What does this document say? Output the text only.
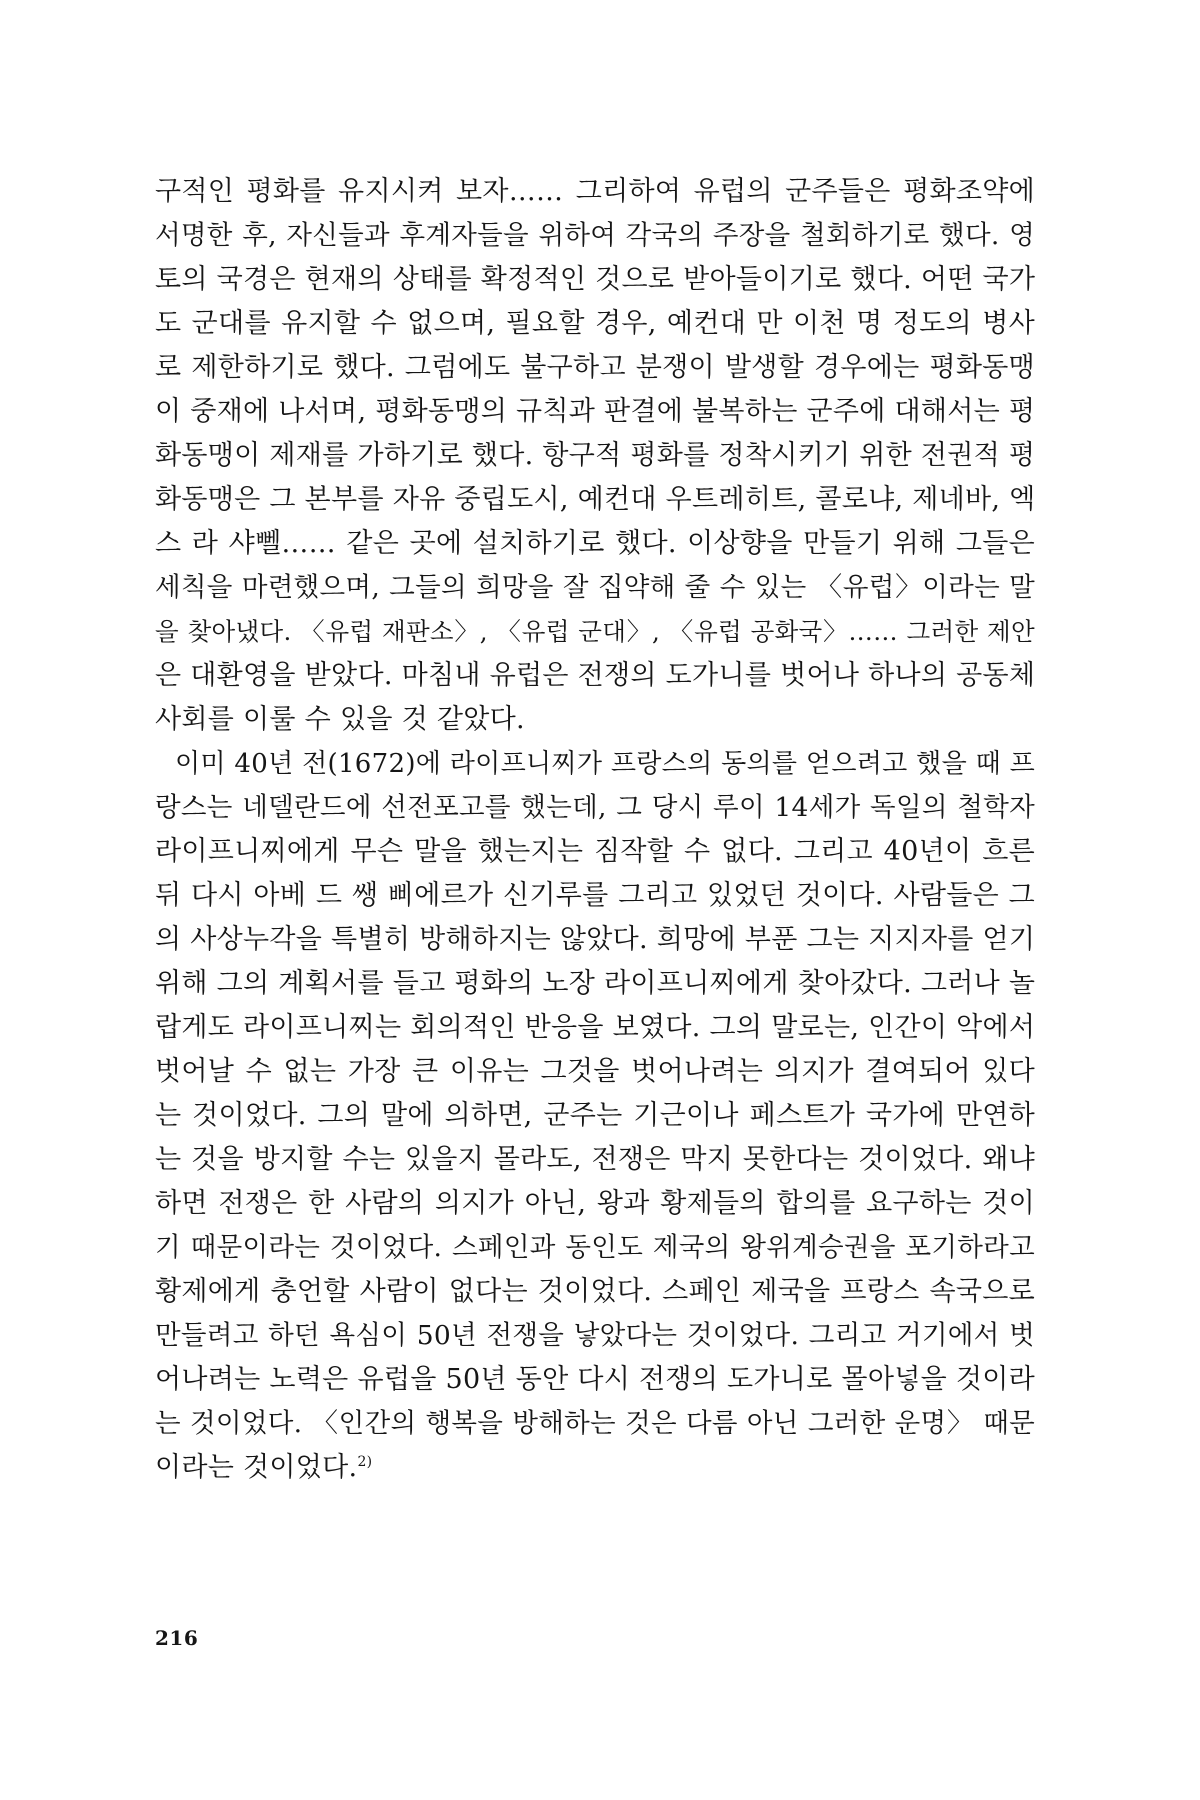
구적인 평화를 유지시켜 보자…… 그리하여 유럽의 군주들은 평화조약에
서명한 후, 자신들과 후계자들을 위하여 각국의 주장을 철회하기로 했다. 영
토의 국경은 현재의 상태를 확정적인 것으로 받아들이기로 했다. 어떤 국가
도 군대를 유지할 수 없으며, 필요할 경우, 예컨대 만 이천 명 정도의 병사
로 제한하기로 했다. 그럼에도 불구하고 분쟁이 발생할 경우에는 평화동맹
이 중재에 나서며, 평화동맹의 규칙과 판결에 불복하는 군주에 대해서는 평
화동맹이 제재를 가하기로 했다. 항구적 평화를 정착시키기 위한 전권적 평
화동맹은 그 본부를 자유 중립도시, 예컨대 우트레히트, 콜로냐, 제네바, 엑
스 라 샤뻴…… 같은 곳에 설치하기로 했다. 이상향을 만들기 위해 그들은
세칙을 마련했으며, 그들의 희망을 잘 집약해 줄 수 있는 〈유럽〉이라는 말
을 찾아냈다. 〈유럽 재판소〉, 〈유럽 군대〉, 〈유럽 공화국〉…… 그러한 제안
은 대환영을 받았다. 마침내 유럽은 전쟁의 도가니를 벗어나 하나의 공동체
사회를 이룰 수 있을 것 같았다.
이미 40년 전(1672)에 라이프니찌가 프랑스의 동의를 얻으려고 했을 때 프
랑스는 네델란드에 선전포고를 했는데, 그 당시 루이 14세가 독일의 철학자
라이프니찌에게 무슨 말을 했는지는 짐작할 수 없다. 그리고 40년이 흐른
뒤 다시 아베 드 쌩 삐에르가 신기루를 그리고 있었던 것이다. 사람들은 그
의 사상누각을 특별히 방해하지는 않았다. 희망에 부푼 그는 지지자를 얻기
위해 그의 계획서를 들고 평화의 노장 라이프니찌에게 찾아갔다. 그러나 놀
랍게도 라이프니찌는 회의적인 반응을 보였다. 그의 말로는, 인간이 악에서
벗어날 수 없는 가장 큰 이유는 그것을 벗어나려는 의지가 결여되어 있다
는 것이었다. 그의 말에 의하면, 군주는 기근이나 페스트가 국가에 만연하
는 것을 방지할 수는 있을지 몰라도, 전쟁은 막지 못한다는 것이었다. 왜냐
하면 전쟁은 한 사람의 의지가 아닌, 왕과 황제들의 합의를 요구하는 것이
기 때문이라는 것이었다. 스페인과 동인도 제국의 왕위계승권을 포기하라고
황제에게 충언할 사람이 없다는 것이었다. 스페인 제국을 프랑스 속국으로
만들려고 하던 욕심이 50년 전쟁을 낳았다는 것이었다. 그리고 거기에서 벗
어나려는 노력은 유럽을 50년 동안 다시 전쟁의 도가니로 몰아넣을 것이라
는 것이었다. 〈인간의 행복을 방해하는 것은 다름 아닌 그러한 운명〉 때문
이라는 것이었다.$^{2)}$
216
